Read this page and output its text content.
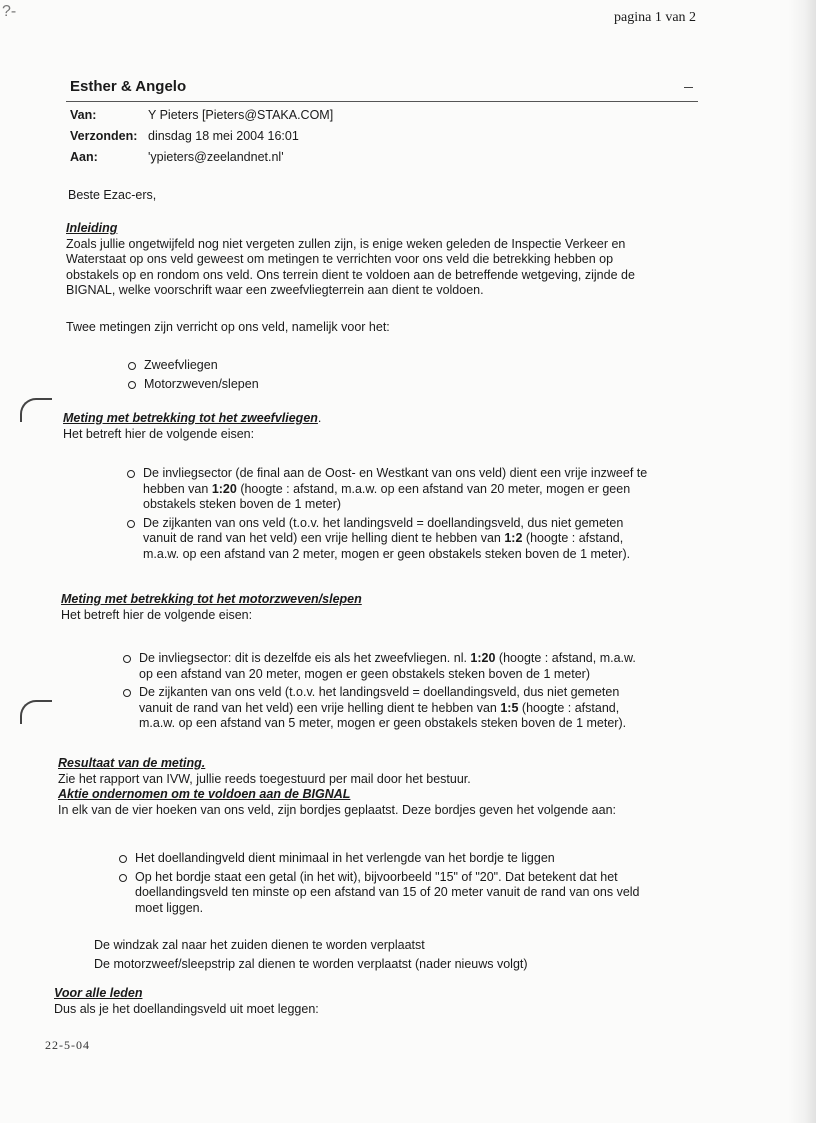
?-	pagina 1 van 2
Esther & Angelo
Van:	Y Pieters [Pieters@STAKA.COM]
Verzonden: dinsdag 18 mei 2004 16:01
Aan:	'ypieters@zeelandnet.nl'
Beste Ezac-ers,
Inleiding
Zoals jullie ongetwijfeld nog niet vergeten zullen zijn, is enige weken geleden de Inspectie Verkeer en
Waterstaat op ons veld geweest om metingen te verrichten voor ons veld die betrekking hebben op
obstakels op en rondom ons veld. Ons terrein dient te voldoen aan de betreffende wetgeving, zijnde de
BIGNAL, welke voorschrift waar een zweefvliegterrein aan dient te voldoen.
Twee metingen zijn verricht op ons veld, namelijk voor het:
Zweefvliegen
Motorzweven/slepen
Meting met betrekking tot het zweefvliegen.
Het betreft hier de volgende eisen:
De invliegsector (de final aan de Oost- en Westkant van ons veld) dient een vrije inzweef te
hebben van 1:20 (hoogte : afstand, m.a.w. op een afstand van 20 meter, mogen er geen
obstakels steken boven de 1 meter)
De zijkanten van ons veld (t.o.v. het landingsveld = doellandingsveld, dus niet gemeten
vanuit de rand van het veld) een vrije helling dient te hebben van 1:2 (hoogte : afstand,
m.a.w. op een afstand van 2 meter, mogen er geen obstakels steken boven de 1 meter).
Meting met betrekking tot het motorzweven/slepen
Het betreft hier de volgende eisen:
De invliegsector: dit is dezelfde eis als het zweefvliegen. nl. 1:20 (hoogte : afstand, m.a.w.
op een afstand van 20 meter, mogen er geen obstakels steken boven de 1 meter)
De zijkanten van ons veld (t.o.v. het landingsveld = doellandingsveld, dus niet gemeten
vanuit de rand van het veld) een vrije helling dient te hebben van 1:5 (hoogte : afstand,
m.a.w. op een afstand van 5 meter, mogen er geen obstakels steken boven de 1 meter).
Resultaat van de meting.
Zie het rapport van IVW, jullie reeds toegestuurd per mail door het bestuur.
Aktie ondernomen om te voldoen aan de BIGNAL
In elk van de vier hoeken van ons veld, zijn bordjes geplaatst. Deze bordjes geven het volgende aan:
Het doellandingveld dient minimaal in het verlengde van het bordje te liggen
Op het bordje staat een getal (in het wit), bijvoorbeeld "15" of "20". Dat betekent dat het
doellandingsveld ten minste op een afstand van 15 of 20 meter vanuit de rand van ons veld
moet liggen.
De windzak zal naar het zuiden dienen te worden verplaatst
De motorzweef/sleepstrip zal dienen te worden verplaatst (nader nieuws volgt)
Voor alle leden
Dus als je het doellandingsveld uit moet leggen:
22-5-04
